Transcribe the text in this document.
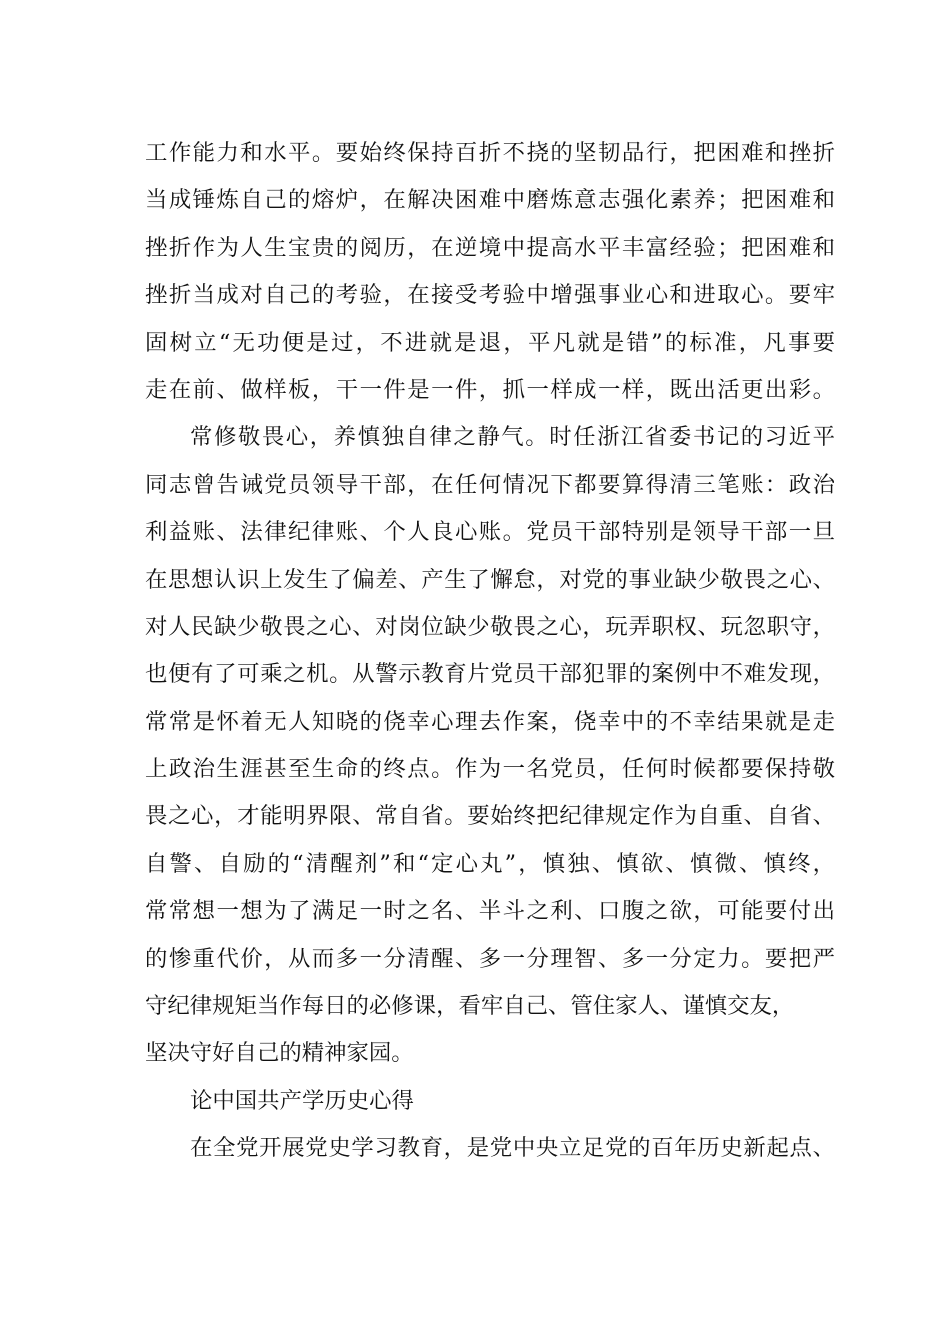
工作能力和水平。要始终保持百折不挠的坚韧品行，把困难和挫折
当成锤炼自己的熔炉，在解决困难中磨炼意志强化素养；把困难和
挫折作为人生宝贵的阅历，在逆境中提高水平丰富经验；把困难和
挫折当成对自己的考验，在接受考验中增强事业心和进取心。要牢
固树立“无功便是过，不进就是退，平凡就是错”的标准，凡事要
走在前、做样板，干一件是一件，抓一样成一样，既出活更出彩。
常修敬畏心，养慎独自律之静气。时任浙江省委书记的习近平
同志曾告诫党员领导干部，在任何情况下都要算得清三笔账：政治
利益账、法律纪律账、个人良心账。党员干部特别是领导干部一旦
在思想认识上发生了偏差、产生了懈怠，对党的事业缺少敬畏之心、
对人民缺少敬畏之心、对岗位缺少敬畏之心，玩弄职权、玩忽职守，
也便有了可乘之机。从警示教育片党员干部犯罪的案例中不难发现，
常常是怀着无人知晓的侥幸心理去作案，侥幸中的不幸结果就是走
上政治生涯甚至生命的终点。作为一名党员，任何时候都要保持敬
畏之心，才能明界限、常自省。要始终把纪律规定作为自重、自省、
自警、自励的“清醒剂”和“定心丸”，慎独、慎欲、慎微、慎终，
常常想一想为了满足一时之名、半斗之利、口腹之欲，可能要付出
的惨重代价，从而多一分清醒、多一分理智、多一分定力。要把严
守纪律规矩当作每日的必修课，看牢自己、管住家人、谨慎交友，
坚决守好自己的精神家园。
论中国共产学历史心得
在全党开展党史学习教育，是党中央立足党的百年历史新起点、
